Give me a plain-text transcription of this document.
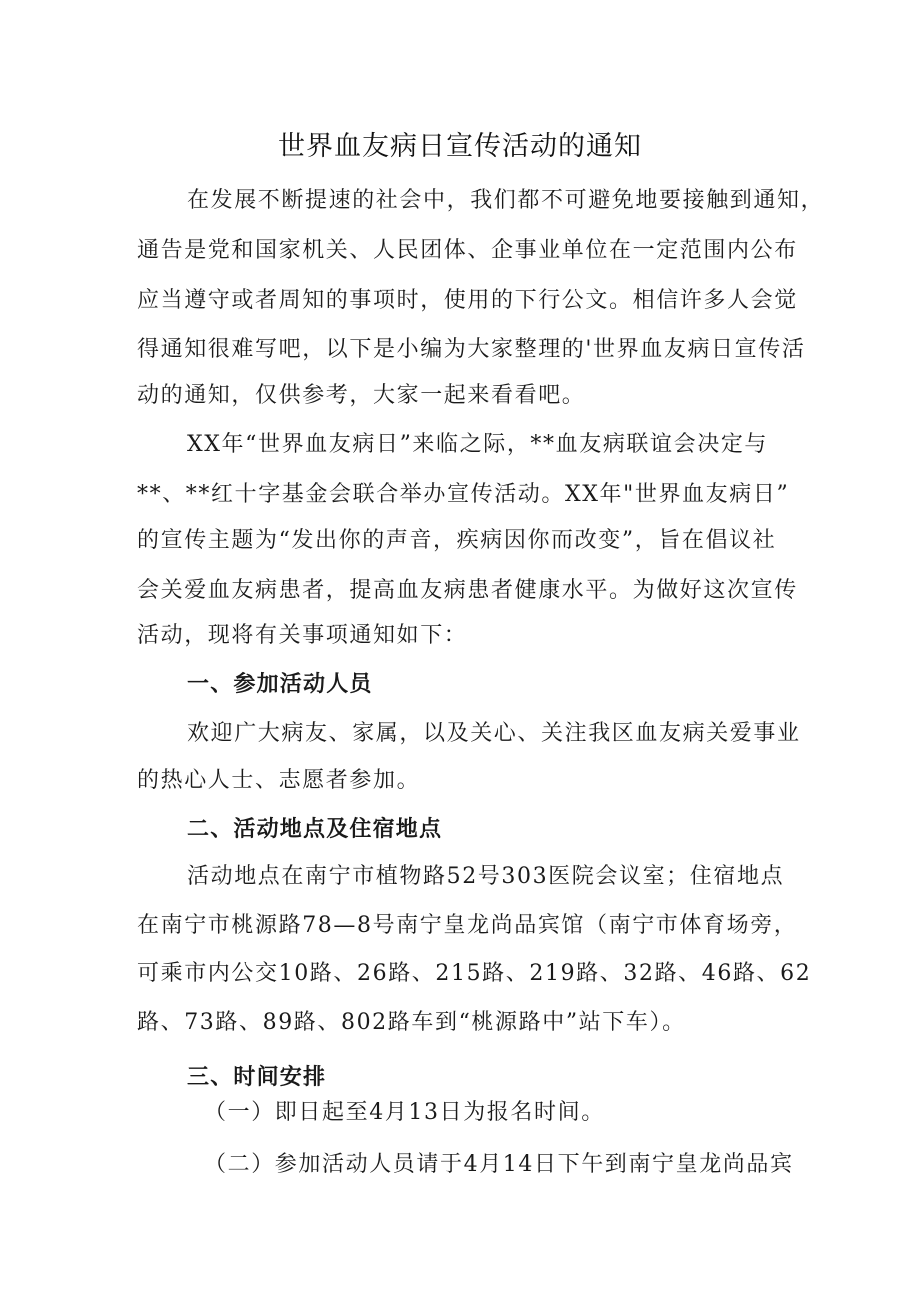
世界血友病日宣传活动的通知
在发展不断提速的社会中，我们都不可避免地要接触到通知，
通告是党和国家机关、人民团体、企事业单位在一定范围内公布
应当遵守或者周知的事项时，使用的下行公文。相信许多人会觉
得通知很难写吧，以下是小编为大家整理的'世界血友病日宣传活
动的通知，仅供参考，大家一起来看看吧。
XX年“世界血友病日”来临之际，**血友病联谊会决定与
**、**红十字基金会联合举办宣传活动。XX年"世界血友病日”
的宣传主题为“发出你的声音，疾病因你而改变”，旨在倡议社
会关爱血友病患者，提高血友病患者健康水平。为做好这次宣传
活动，现将有关事项通知如下：
一、参加活动人员
欢迎广大病友、家属，以及关心、关注我区血友病关爱事业
的热心人士、志愿者参加。
二、活动地点及住宿地点
活动地点在南宁市植物路52号303医院会议室；住宿地点
在南宁市桃源路78—8号南宁皇龙尚品宾馆（南宁市体育场旁，
可乘市内公交10路、26路、215路、219路、32路、46路、62
路、73路、89路、802路车到“桃源路中”站下车）。
三、时间安排
（一）即日起至4月13日为报名时间。
（二）参加活动人员请于4月14日下午到南宁皇龙尚品宾
